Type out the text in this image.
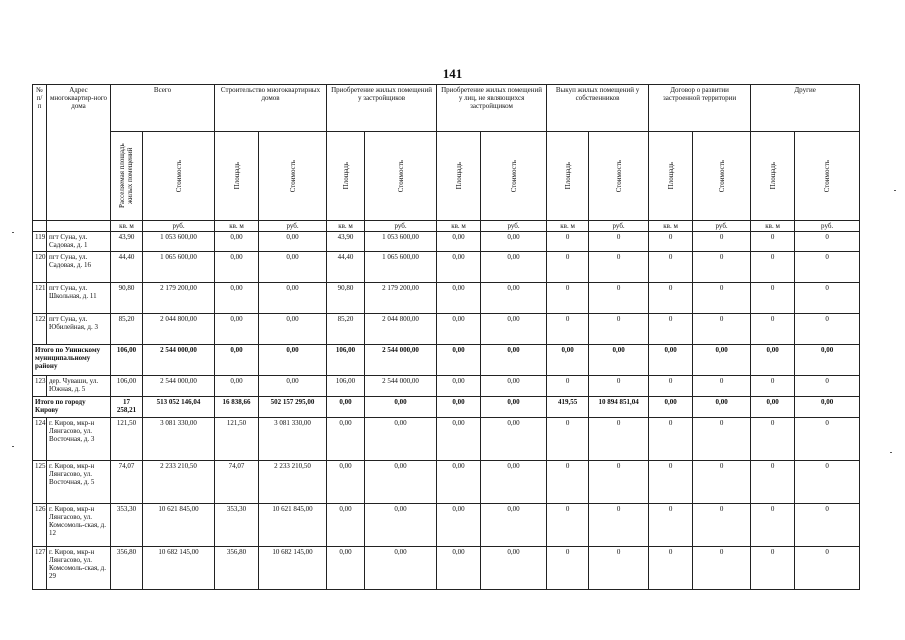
141
№ п/п	Адрес многоквартир-ного дома	Всего		Строительство многоквартирных домов		Приобретение жилых помещений у застройщиков		Приобретение жилых помещений у лиц, не являющихся застройщиком		Выкуп жилых помещений у собственников		Договор о развитии застроенной территории		Другие	

		Расселяемая площадь жилых помещений	Стоимость	Площадь	Стоимость	Площадь	Стоимость	Площадь	Стоимость	Площадь	Стоимость	Площадь	Стоимость	Площадь	Стоимость

		кв. м	руб.	кв. м	руб.	кв. м	руб.	кв. м	руб.	кв. м	руб.	кв. м	руб.	кв. м	руб.
119	пгт Суна, ул. Садовая, д. 1	43,90	1 053 600,00	0,00	0,00	43,90	1 053 600,00	0,00	0,00	0	0	0	0	0	0
120	пгт Суна, ул. Садовая, д. 16	44,40	1 065 600,00	0,00	0,00	44,40	1 065 600,00	0,00	0,00	0	0	0	0	0	0
121	пгт Суна, ул. Школьная, д. 11	90,80	2 179 200,00	0,00	0,00	90,80	2 179 200,00	0,00	0,00	0	0	0	0	0	0
122	пгт Суна, ул. Юбилейная, д. 3	85,20	2 044 800,00	0,00	0,00	85,20	2 044 800,00	0,00	0,00	0	0	0	0	0	0
Итого по Унинскому муниципальному району		106,00	2 544 000,00	0,00	0,00	106,00	2 544 000,00	0,00	0,00	0,00	0,00	0,00	0,00	0,00	0,00
123	дер. Чуваши, ул. Южная, д. 5	106,00	2 544 000,00	0,00	0,00	106,00	2 544 000,00	0,00	0,00	0	0	0	0	0	0
Итого по городу Кирову		17 258,21	513 052 146,04	16 838,66	502 157 295,00	0,00	0,00	0,00	0,00	419,55	10 894 851,04	0,00	0,00	0,00	0,00
124	г. Киров, мкр-н Лянгасово, ул. Восточная, д. 3	121,50	3 081 330,00	121,50	3 081 330,00	0,00	0,00	0,00	0,00	0	0	0	0	0	0
125	г. Киров, мкр-н Лянгасово, ул. Восточная, д. 5	74,07	2 233 210,50	74,07	2 233 210,50	0,00	0,00	0,00	0,00	0	0	0	0	0	0
126	г. Киров, мкр-н Лянгасово, ул. Комсомоль-ская, д. 12	353,30	10 621 845,00	353,30	10 621 845,00	0,00	0,00	0,00	0,00	0	0	0	0	0	0
127	г. Киров, мкр-н Лянгасово, ул. Комсомоль-ская, д. 29	356,80	10 682 145,00	356,80	10 682 145,00	0,00	0,00	0,00	0,00	0	0	0	0	0	0
